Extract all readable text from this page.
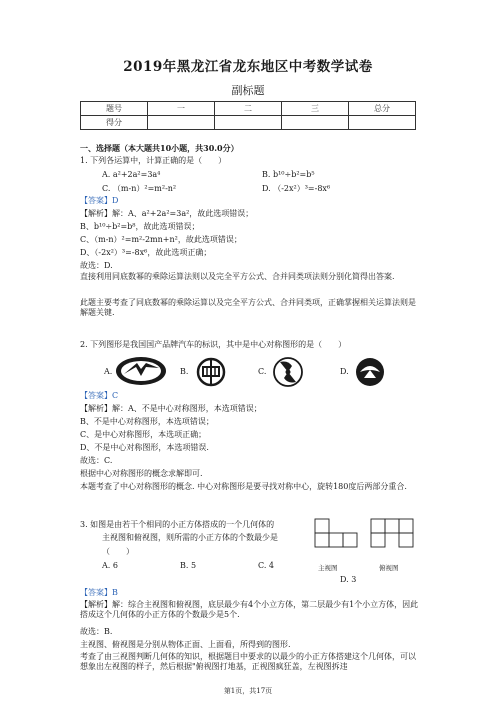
2019年黑龙江省龙东地区中考数学试卷
副标题
题号	一	二	三	总分
得分				
一、选择题（本大题共10小题，共30.0分）
1. 下列各运算中，计算正确的是（　　）
A. a²+2a²=3a⁴	B. b¹⁰÷b²=b⁵
C. （m-n）²=m²-n²	D. （-2x²）³=-8x⁶
【答案】D
【解析】解：A、a²+2a²=3a²，故此选项错误；
B、b¹⁰÷b²=b⁸，故此选项错误；
C、（m-n）²=m²-2mn+n²，故此选项错误；
D、（-2x²）³=-8x⁶，故此选项正确；
故选：D.
直接利用同底数幂的乘除运算法则以及完全平方公式、合并同类项法则分别化简得出答案.
此题主要考查了同底数幂的乘除运算以及完全平方公式、合并同类项，正确掌握相关运算法则是解题关键.
2. 下列图形是我国国产品牌汽车的标识，其中是中心对称图形的是（　　）
A.	B.	C.	D.
【答案】C
【解析】解：A、不是中心对称图形，本选项错误；
B、不是中心对称图形，本选项错误；
C、是中心对称图形，本选项正确；
D、不是中心对称图形，本选项错误.
故选：C.
根据中心对称图形的概念求解即可.
本题考查了中心对称图形的概念. 中心对称图形是要寻找对称中心，旋转180度后两部分重合.
3. 如图是由若干个相同的小正方体搭成的一个几何体的
主视图和俯视图，则所需的小正方体的个数最少是
（　　）
A. 6	B. 5	C. 4	主视图
D. 3
俯视图
【答案】B
【解析】解：综合主视图和俯视图，底层最少有4个小立方体，第二层最少有1个小立方体，因此搭成这个几何体的小正方体的个数最少是5个.
故选：B.
主视图、俯视图是分别从物体正面、上面看，所得到的图形.
考查了由三视图判断几何体的知识，根据题目中要求的以最少的小正方体搭建这个几何体，可以想象出左视图的样子，然后根据"俯视图打地基，正视图疯狂盖，左视图拆违
第1页，共17页
